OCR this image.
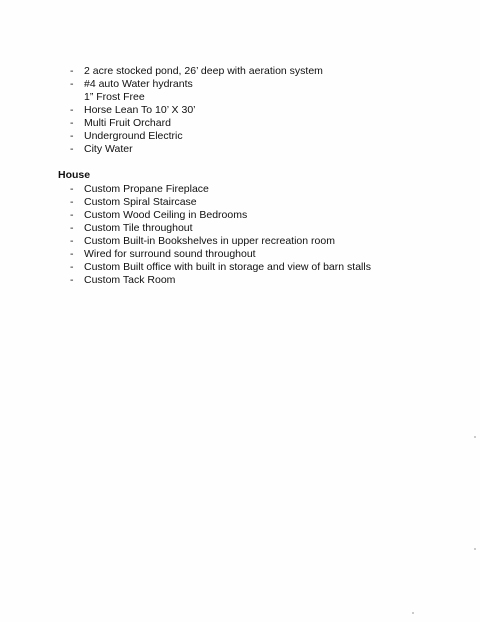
-	2 acre stocked pond, 26’ deep with aeration system
-	#4 auto Water hydrants
1” Frost Free
-	Horse Lean To 10’ X 30’
-	Multi Fruit Orchard
-	Underground Electric
-	City Water
House
-	Custom Propane Fireplace
-	Custom Spiral Staircase
-	Custom Wood Ceiling in Bedrooms
-	Custom Tile throughout
-	Custom Built-in Bookshelves in upper recreation room
-	Wired for surround sound throughout
-	Custom Built office with built in storage and view of barn stalls
-	Custom Tack Room
